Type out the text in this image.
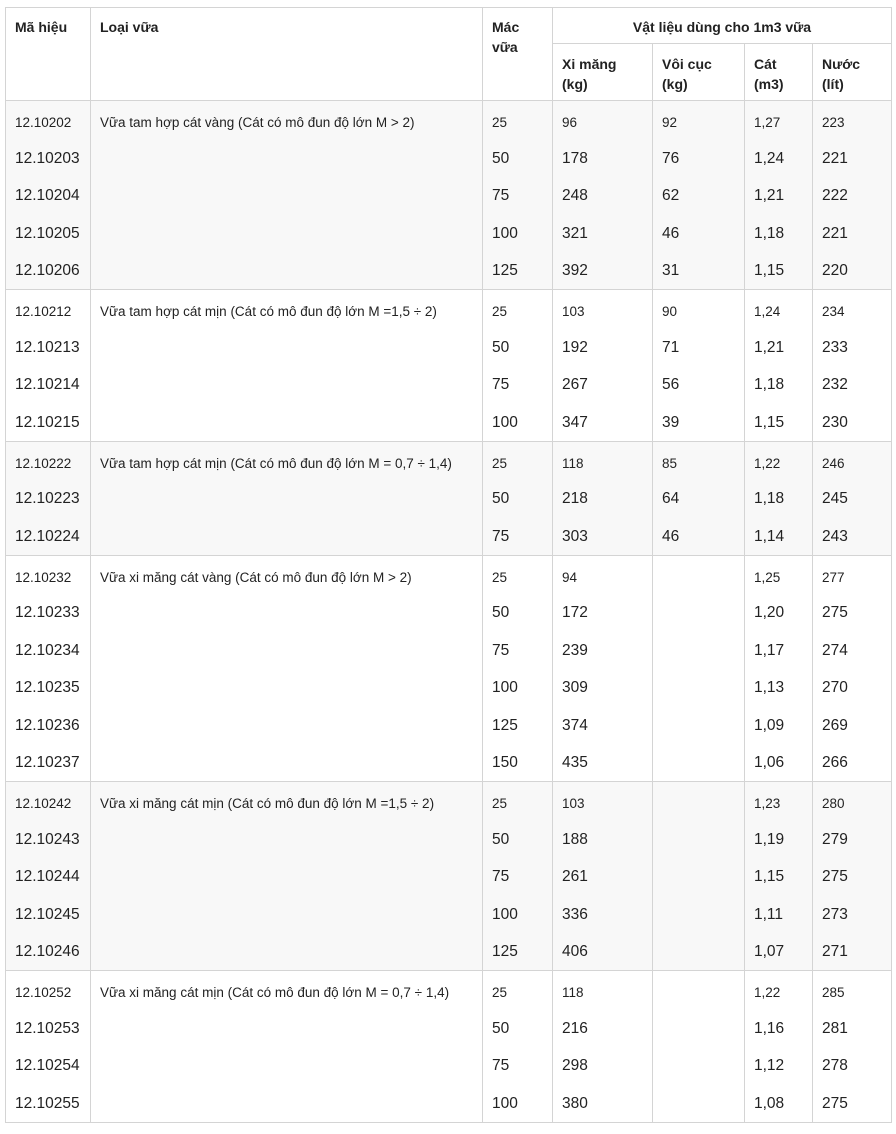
Mã hiệu	Loại vữa	Mác vữa	Vật liệu dùng cho 1m3 vữa			
			Xi măng (kg)	Vôi cục (kg)	Cát (m3)	Nước (lít)
12.10202	Vữa tam hợp cát vàng (Cát có mô đun độ lớn M > 2)	25	96	92	1,27	223
12.10203		50	178	76	1,24	221
12.10204		75	248	62	1,21	222
12.10205		100	321	46	1,18	221
12.10206		125	392	31	1,15	220
12.10212	Vữa tam hợp cát mịn (Cát có mô đun độ lớn M =1,5 ÷ 2)	25	103	90	1,24	234
12.10213		50	192	71	1,21	233
12.10214		75	267	56	1,18	232
12.10215		100	347	39	1,15	230
12.10222	Vữa tam hợp cát mịn (Cát có mô đun độ lớn M = 0,7 ÷ 1,4)	25	118	85	1,22	246
12.10223		50	218	64	1,18	245
12.10224		75	303	46	1,14	243
12.10232	Vữa xi măng cát vàng (Cát có mô đun độ lớn M > 2)	25	94		1,25	277
12.10233		50	172		1,20	275
12.10234		75	239		1,17	274
12.10235		100	309		1,13	270
12.10236		125	374		1,09	269
12.10237		150	435		1,06	266
12.10242	Vữa xi măng cát mịn (Cát có mô đun độ lớn M =1,5 ÷ 2)	25	103		1,23	280
12.10243		50	188		1,19	279
12.10244		75	261		1,15	275
12.10245		100	336		1,11	273
12.10246		125	406		1,07	271
12.10252	Vữa xi măng cát mịn (Cát có mô đun độ lớn M = 0,7 ÷ 1,4)	25	118		1,22	285
12.10253		50	216		1,16	281
12.10254		75	298		1,12	278
12.10255		100	380		1,08	275
